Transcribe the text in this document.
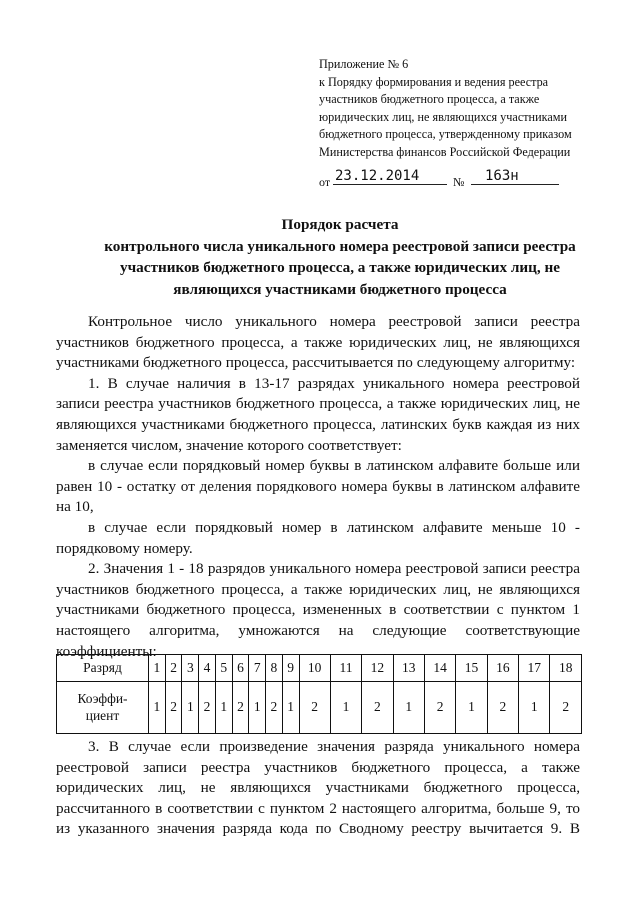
Приложение № 6
к Порядку формирования и ведения реестра
участников бюджетного процесса, а также
юридических лиц, не являющихся участниками
бюджетного процесса, утвержденному приказом
Министерства финансов Российской Федерации
от 23.12.2014	№	163н
Порядок расчета
контрольного числа уникального номера реестровой записи реестра
участников бюджетного процесса, а также юридических лиц, не
являющихся участниками бюджетного процесса

Контрольное число уникального номера реестровой записи реестра участников бюджетного процесса, а также юридических лиц, не являющихся участниками бюджетного процесса, рассчитывается по следующему алгоритму:

1. В случае наличия в 13-17 разрядах уникального номера реестровой записи реестра участников бюджетного процесса, а также юридических лиц, не являющихся участниками бюджетного процесса, латинских букв каждая из них заменяется числом, значение которого соответствует:

в случае если порядковый номер буквы в латинском алфавите больше или равен 10 - остатку от деления порядкового номера буквы в латинском алфавите на 10,

в случае если порядковый номер в латинском алфавите меньше 10 - порядковому номеру.

2. Значения 1 - 18 разрядов уникального номера реестровой записи реестра участников бюджетного процесса, а также юридических лиц, не являющихся участниками бюджетного процесса, измененных в соответствии с пунктом 1 настоящего алгоритма, умножаются на следующие соответствующие коэффициенты:

Разряд	1	2	3	4	5	6	7	8	9	10	11	12	13	14	15	16	17	18
Коэффи-
циент	1	2	1	2	1	2	1	2	1	2	1	2	1	2	1	2	1	2

3. В случае если произведение значения разряда уникального номера реестровой записи реестра участников бюджетного процесса, а также юридических лиц, не являющихся участниками бюджетного процесса, рассчитанного в соответствии с пунктом 2 настоящего алгоритма, больше 9, то из указанного значения разряда кода по Сводному реестру вычитается 9. В
